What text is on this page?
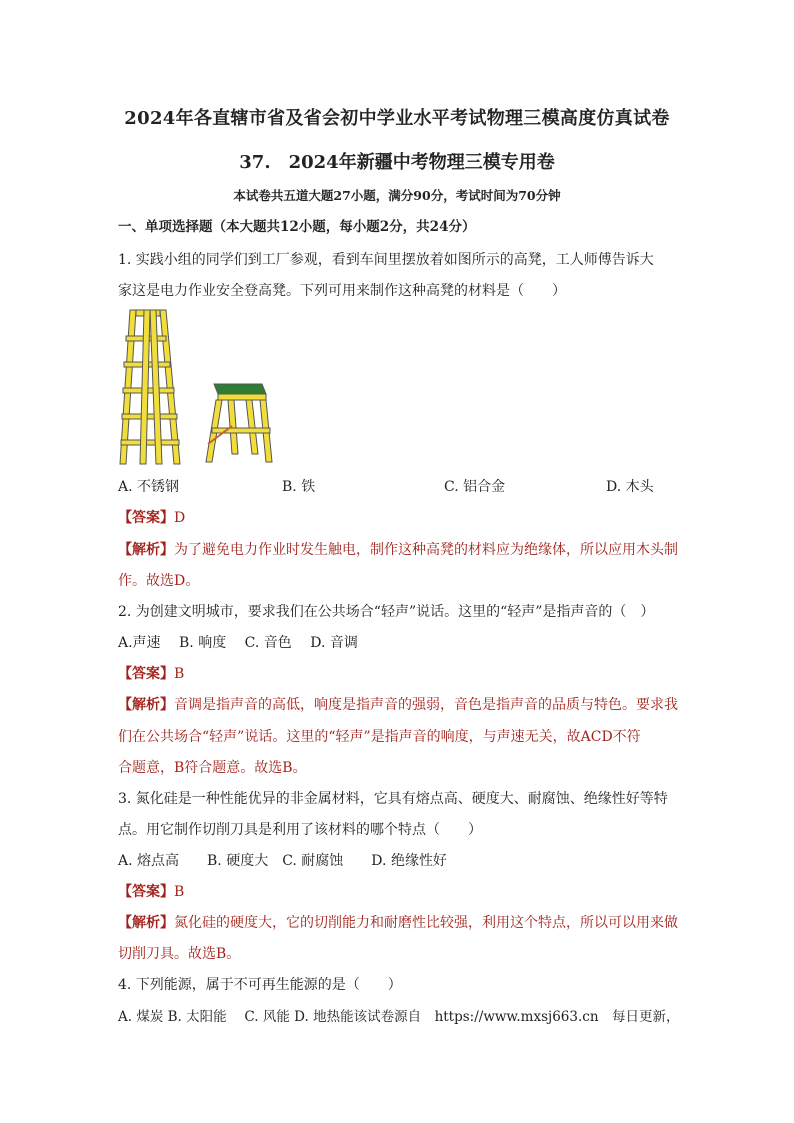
2024年各直辖市省及省会初中学业水平考试物理三模高度仿真试卷
37.　2024年新疆中考物理三模专用卷
本试卷共五道大题27小题，满分90分，考试时间为70分钟
一、单项选择题（本大题共12小题，每小题2分，共24分）
1. 实践小组的同学们到工厂参观，看到车间里摆放着如图所示的高凳，工人师傅告诉大
家这是电力作业安全登高凳。下列可用来制作这种高凳的材料是（　　）
A. 不锈钢	B. 铁	C. 铝合金	D. 木头
【答案】D
【解析】为了避免电力作业时发生触电，制作这种高凳的材料应为绝缘体，所以应用木头制
作。故选D。
2. 为创建文明城市，要求我们在公共场合“轻声”说话。这里的“轻声”是指声音的（　）
A.声速　 B. 响度　 C. 音色　 D. 音调
【答案】B
【解析】音调是指声音的高低，响度是指声音的强弱，音色是指声音的品质与特色。要求我
们在公共场合“轻声”说话。这里的“轻声”是指声音的响度，与声速无关，故ACD不符
合题意，B符合题意。故选B。
3. 氮化硅是一种性能优异的非金属材料，它具有熔点高、硬度大、耐腐蚀、绝缘性好等特
点。用它制作切削刀具是利用了该材料的哪个特点（　　）
A. 熔点高　　B. 硬度大　C. 耐腐蚀　　D. 绝缘性好
【答案】B
【解析】氮化硅的硬度大，它的切削能力和耐磨性比较强，利用这个特点，所以可以用来做
切削刀具。故选B。
4. 下列能源，属于不可再生能源的是（　　）
A. 煤炭 B. 太阳能　 C. 风能 D. 地热能该试卷源自　https://www.mxsj663.cn　每日更新，
